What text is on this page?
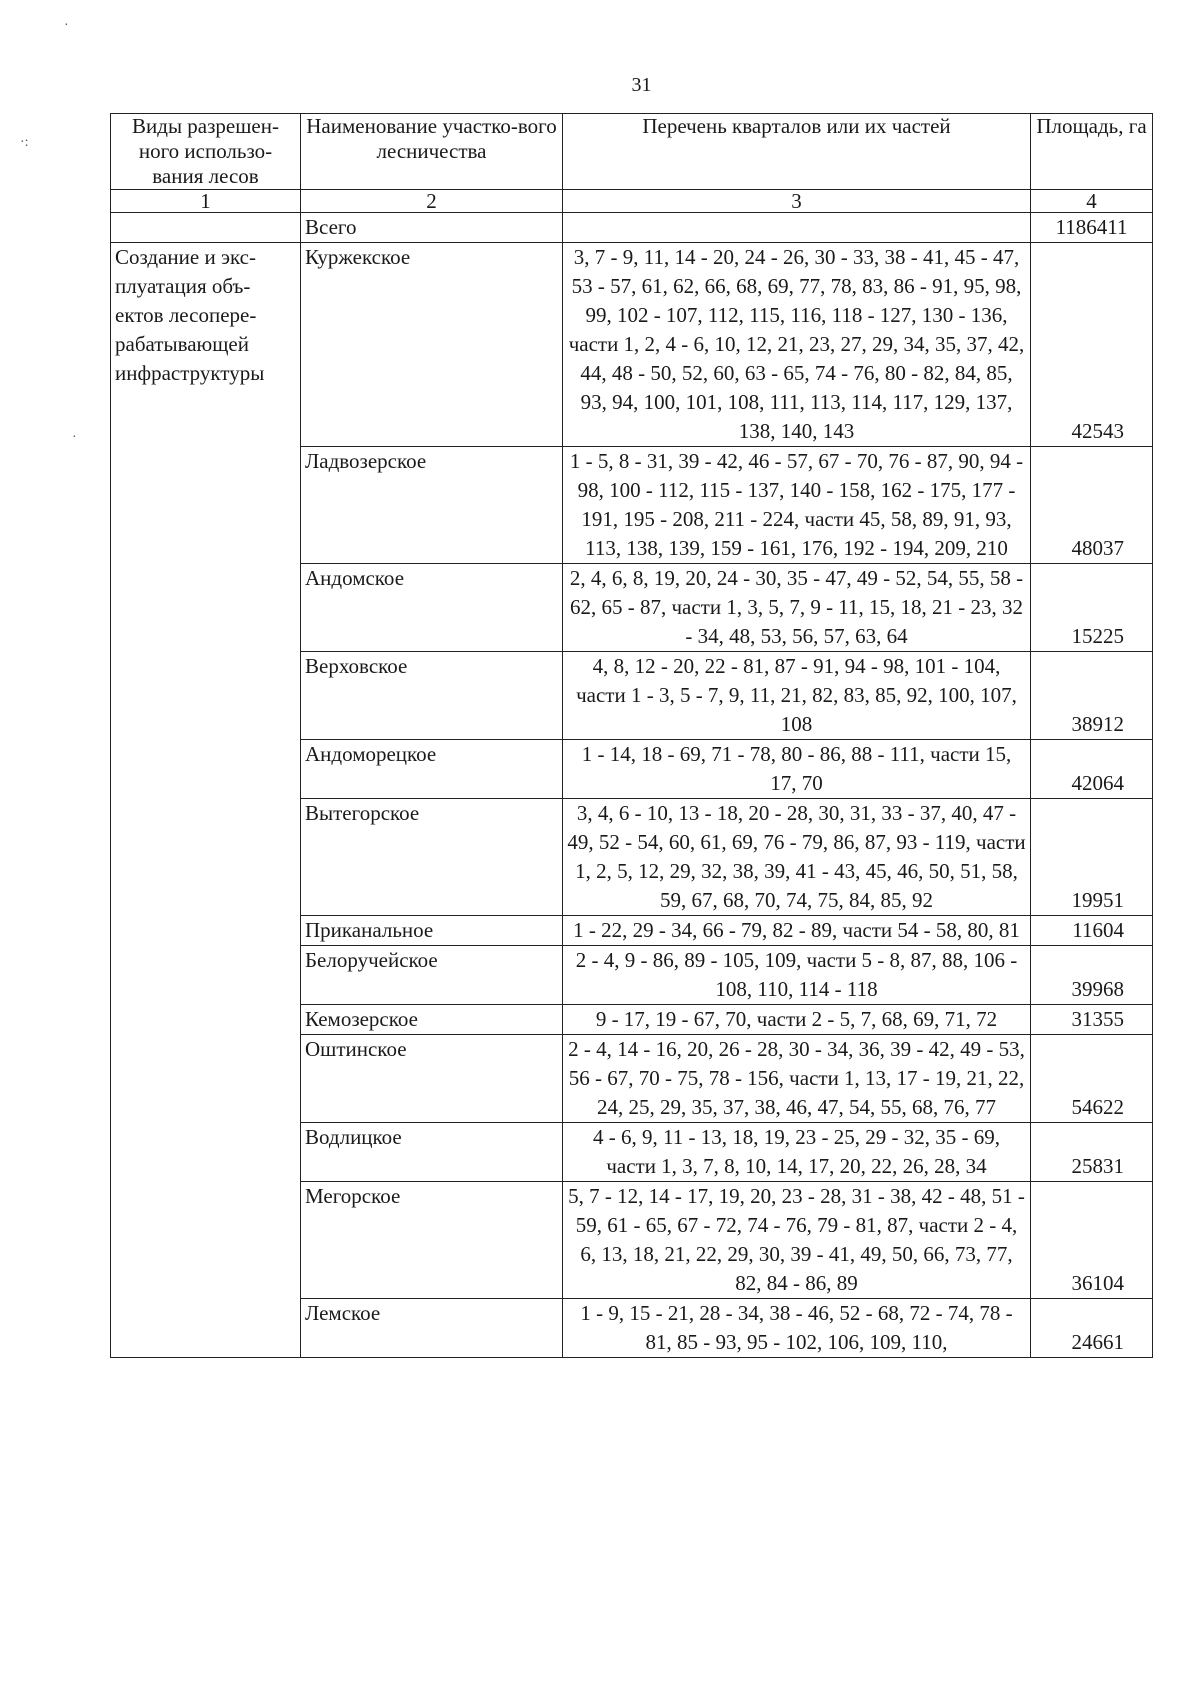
31
·
·:
·
Виды разрешен-ного использо-вания лесов	Наименование участко-вого лесничества	Перечень кварталов или их частей	Площадь, га
1	2	3	4
	Всего		1186411
Создание и экс-плуатация объ-ектов лесопере-рабатывающей инфраструктуры	Куржекское	3, 7 - 9, 11, 14 - 20, 24 - 26, 30 - 33, 38 - 41, 45 - 47, 53 - 57, 61, 62, 66, 68, 69, 77, 78, 83, 86 - 91, 95, 98, 99, 102 - 107, 112, 115, 116, 118 - 127, 130 - 136, части 1, 2, 4 - 6, 10, 12, 21, 23, 27, 29, 34, 35, 37, 42, 44, 48 - 50, 52, 60, 63 - 65, 74 - 76, 80 - 82, 84, 85, 93, 94, 100, 101, 108, 111, 113, 114, 117, 129, 137, 138, 140, 143	42543
	Ладвозерское	1 - 5, 8 - 31, 39 - 42, 46 - 57, 67 - 70, 76 - 87, 90, 94 - 98, 100 - 112, 115 - 137, 140 - 158, 162 - 175, 177 - 191, 195 - 208, 211 - 224, части 45, 58, 89, 91, 93, 113, 138, 139, 159 - 161, 176, 192 - 194, 209, 210	48037
	Андомское	2, 4, 6, 8, 19, 20, 24 - 30, 35 - 47, 49 - 52, 54, 55, 58 - 62, 65 - 87, части 1, 3, 5, 7, 9 - 11, 15, 18, 21 - 23, 32 - 34, 48, 53, 56, 57, 63, 64	15225
	Верховское	4, 8, 12 - 20, 22 - 81, 87 - 91, 94 - 98, 101 - 104, части 1 - 3, 5 - 7, 9, 11, 21, 82, 83, 85, 92, 100, 107, 108	38912
	Андоморецкое	1 - 14, 18 - 69, 71 - 78, 80 - 86, 88 - 111, части 15, 17, 70	42064
	Вытегорское	3, 4, 6 - 10, 13 - 18, 20 - 28, 30, 31, 33 - 37, 40, 47 - 49, 52 - 54, 60, 61, 69, 76 - 79, 86, 87, 93 - 119, части 1, 2, 5, 12, 29, 32, 38, 39, 41 - 43, 45, 46, 50, 51, 58, 59, 67, 68, 70, 74, 75, 84, 85, 92	19951
	Приканальное	1 - 22, 29 - 34, 66 - 79, 82 - 89, части 54 - 58, 80, 81	11604
	Белоручейское	2 - 4, 9 - 86, 89 - 105, 109, части 5 - 8, 87, 88, 106 - 108, 110, 114 - 118	39968
	Кемозерское	9 - 17, 19 - 67, 70, части 2 - 5, 7, 68, 69, 71, 72	31355
	Оштинское	2 - 4, 14 - 16, 20, 26 - 28, 30 - 34, 36, 39 - 42, 49 - 53, 56 - 67, 70 - 75, 78 - 156, части 1, 13, 17 - 19, 21, 22, 24, 25, 29, 35, 37, 38, 46, 47, 54, 55, 68, 76, 77	54622
	Водлицкое	4 - 6, 9, 11 - 13, 18, 19, 23 - 25, 29 - 32, 35 - 69, части 1, 3, 7, 8, 10, 14, 17, 20, 22, 26, 28, 34	25831
	Мегорское	5, 7 - 12, 14 - 17, 19, 20, 23 - 28, 31 - 38, 42 - 48, 51 - 59, 61 - 65, 67 - 72, 74 - 76, 79 - 81, 87, части 2 - 4, 6, 13, 18, 21, 22, 29, 30, 39 - 41, 49, 50, 66, 73, 77, 82, 84 - 86, 89	36104
	Лемское	1 - 9, 15 - 21, 28 - 34, 38 - 46, 52 - 68, 72 - 74, 78 - 81, 85 - 93, 95 - 102, 106, 109, 110,	24661
